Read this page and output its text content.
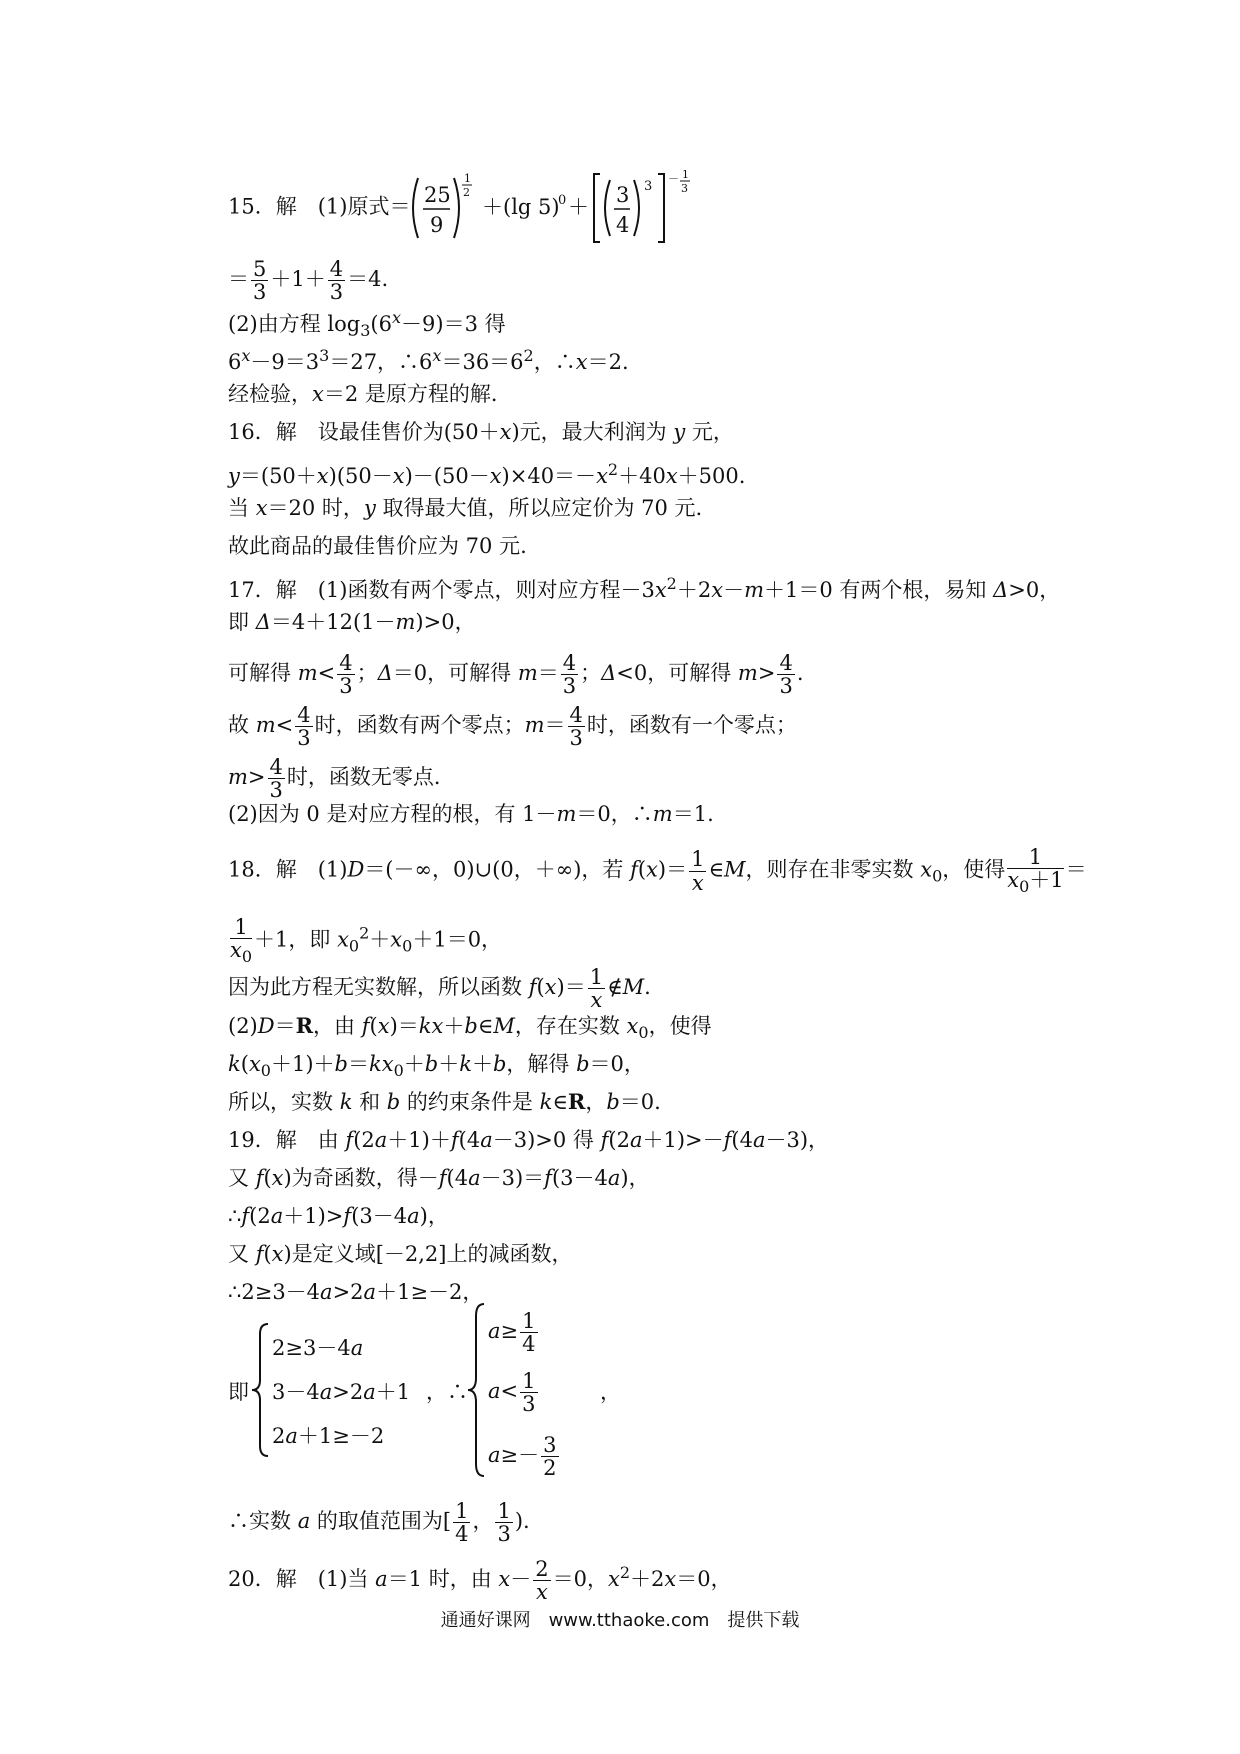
15．解　(1)原式＝ 25
9
1
2
＋(lg 5)
0 ＋ 3
4
3
－ 1
3
＝ $\frac{5}{3} +1+ \frac{4}{3} =4$.
(2)由方程 $\log_3(6^x-9)=3$ 得
$6^x-9=3^3=27$，$\therefore 6^x=36=6^2$，∴x＝2.
经检验，x＝2 是原方程的解．
16．解　设最佳售价为(50＋x)元，最大利润为 y 元，
$y=(50+x)(50-x)-(50-x)\times 40=-x^2+40x+500$.
当 x＝20 时，y 取得最大值，所以应定价为 70 元.
故此商品的最佳售价应为 70 元.
17．解　(1)函数有两个零点，则对应方程$-3x^2+2x-m+1=0$ 有两个根，易知 Δ>0，
即 Δ＝4＋12(1－m)>0，
可解得 $m< \frac{4}{3}$ ；Δ＝0，可解得 $m= \frac{4}{3}$ ；Δ<0，可解得 $m> \frac{4}{3}$ .
故 $m< \frac{4}{3}$ 时，函数有两个零点；$m= \frac{4}{3}$ 时，函数有一个零点；
$m> \frac{4}{3}$ 时，函数无零点．
(2)因为 0 是对应方程的根，有 1－m＝0，∴m＝1.
18．解　(1)D＝(－∞，0)∪(0，＋∞)，若 $f(x)= \frac{1}{x}$ ∈M，则存在非零实数 $x_0$，使得 $\frac{1}{x_0+1}$ ＝
$\frac{1}{x_0} +1$，即 $x_0^2+x_0+1=0$，
因为此方程无实数解，所以函数 $f(x)= \frac{1}{x}$ ∉M.
(2)D＝R，由 f(x)＝kx＋b∈M，存在实数 $x_0$，使得
$k(x_0+1)+b=kx_0+b+k+b$，解得 b＝0，
所以，实数 k 和 b 的约束条件是 k∈R，b＝0.
19．解　由 f(2a＋1)＋f(4a－3)>0 得 f(2a＋1)>－f(4a－3)，
又 f(x)为奇函数，得－f(4a－3)＝f(3－4a)，
∴f(2a＋1)>f(3－4a)，
又 f(x)是定义域[－2,2]上的减函数，
∴2≥3－4a>2a＋1≥－2，
即
2≥3－4a
3－4a>2a＋1
2a＋1≥－2
，∴
$a\ge \frac{1}{4}$
$a< \frac{1}{3}$
$a\ge- \frac{3}{2}$
，
∴实数 a 的取值范围为[ $\frac{1}{4}$ ， $\frac{1}{3}$ ).
20．解　(1)当 a＝1 时，由 $x- \frac{2}{x} =0$，$x^2+2x=0$，
通通好课网　www.tthaoke.com　提供下载
